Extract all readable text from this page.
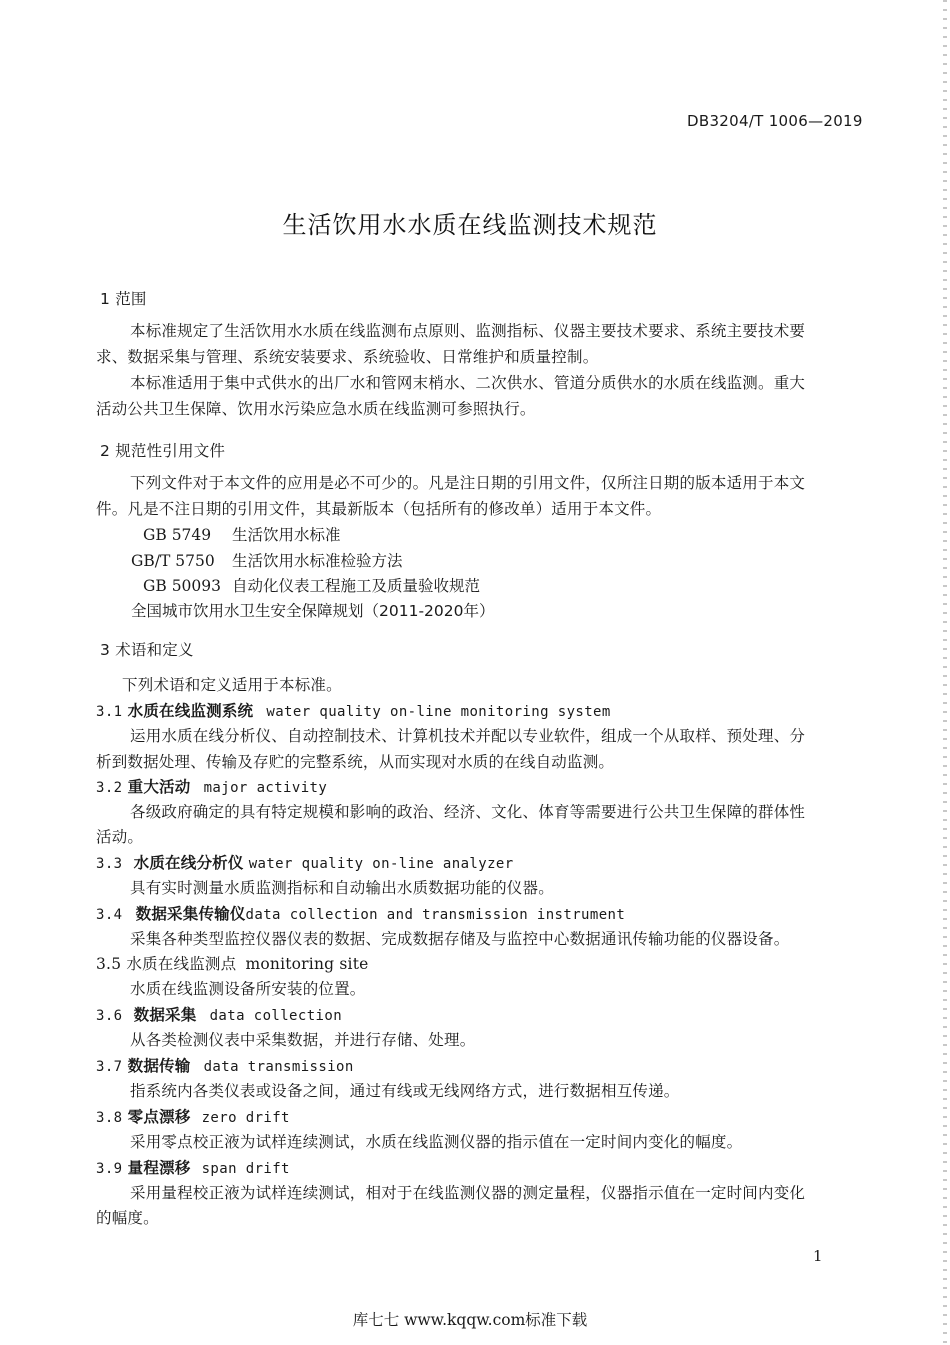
DB3204/T 1006—2019
生活饮用水水质在线监测技术规范
1 范围
本标准规定了生活饮用水水质在线监测布点原则、监测指标、仪器主要技术要求、系统主要技术要
求、数据采集与管理、系统安装要求、系统验收、日常维护和质量控制。
本标准适用于集中式供水的出厂水和管网末梢水、二次供水、管道分质供水的水质在线监测。重大
活动公共卫生保障、饮用水污染应急水质在线监测可参照执行。
2 规范性引用文件
下列文件对于本文件的应用是必不可少的。凡是注日期的引用文件，仅所注日期的版本适用于本文
件。凡是不注日期的引用文件，其最新版本（包括所有的修改单）适用于本文件。
GB 5749 生活饮用水标准
GB/T 5750 生活饮用水标准检验方法
GB 50093 自动化仪表工程施工及质量验收规范
全国城市饮用水卫生安全保障规划（2011-2020年）
3 术语和定义
下列术语和定义适用于本标准。
3.1 水质在线监测系统 water quality on-line monitoring system
运用水质在线分析仪、自动控制技术、计算机技术并配以专业软件，组成一个从取样、预处理、分
析到数据处理、传输及存贮的完整系统，从而实现对水质的在线自动监测。
3.2 重大活动 major activity
各级政府确定的具有特定规模和影响的政治、经济、文化、体育等需要进行公共卫生保障的群体性
活动。
3.3 水质在线分析仪 water quality on-line analyzer
具有实时测量水质监测指标和自动输出水质数据功能的仪器。
3.4 数据采集传输仪data collection and transmission instrument
采集各种类型监控仪器仪表的数据、完成数据存储及与监控中心数据通讯传输功能的仪器设备。
3.5 水质在线监测点 monitoring site
水质在线监测设备所安装的位置。
3.6 数据采集 data collection
从各类检测仪表中采集数据，并进行存储、处理。
3.7 数据传输 data transmission
指系统内各类仪表或设备之间，通过有线或无线网络方式，进行数据相互传递。
3.8 零点漂移 zero drift
采用零点校正液为试样连续测试，水质在线监测仪器的指示值在一定时间内变化的幅度。
3.9 量程漂移 span drift
采用量程校正液为试样连续测试，相对于在线监测仪器的测定量程，仪器指示值在一定时间内变化
的幅度。
1
库七七 www.kqqw.com标准下载
